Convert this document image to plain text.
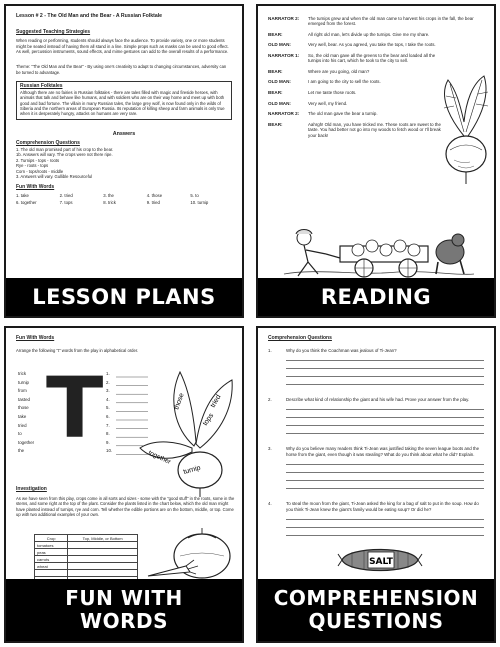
Lesson # 2 - The Old Man and the Bear - A Russian Folktale
Suggested Teaching Strategies
When reading or performing, students should always face the audience. To provide variety, one or more students might be seated instead of having them all stand in a line. Simple props such as masks can be used to good effect. As well, percussion instruments, sound effects, and mime gestures can add to the overall results of a performance.
Theme: "The Old Man and the Bear" - By using one's creativity to adapt to changing circumstances, adversity can be turned to advantage.
Russian Folktales
Although there are no fairies in Russian folktales - there are tales filled with magic and fireside heroes, with animals that talk and behave like humans, and with soldiers who are on their way home and meet up with both good and bad fortune. The villain in many Russian tales, the large grey wolf, is now found only in the wilds of Siberia and the northern areas of European Russia. Its reputation of killing sheep and farm animals is only true when it is desperately hungry, attacks on humans are very rare.
Answers
Comprehension Questions
1. The old man promised part of his crop to the bear.
1b. Answers will vary. The crops were not there ripe.
2. Turnips - tops - roots
Rye - roots - tops
Corn - tops/roots - middle
3. Answers will vary. Gullible Resourceful
Fun With Words
1. take	2. tried	3. the	4. those	5. to
6. together	7. tops	8. trick	9. tried	10. turnip
LESSON PLANS
NARRATOR 2:	The turnips grew and when the old man came to harvest his crops in the fall, the bear emerged from the forest.
BEAR:	All right old man, let's divide up the turnips. Give me my share.
OLD MAN:	Very well, bear. As you agreed, you take the tops, I take the roots.
NARRATOR 1:	So, the old man gave all the greens to the bear and loaded all the turnips into his cart, which he took to the city to sell.
BEAR:	Where are you going, old man?
OLD MAN:	I am going to the city to sell the roots.
BEAR:	Let me taste those roots.
OLD MAN:	Very well, my friend.
NARRATOR 2:	The old man gave the bear a turnip.
BEAR:	Aahrgh! Old man, you have tricked me. These roots are sweet to the taste. You had better not go into my woods to fetch wood or I'll break your back!
READING
Fun With Words
Arrange the following "t" words from the play in alphabetical order.
trick
turnip
from
tasted
those
take
tried
to
together
the T 1.
2.
3.
4.
5.
6.
7.
8.
9.
10.
those
tops
tried
turnip
together
Investigation
As we have seen from this play, crops come in all sorts and sizes - some with the "good stuff" in the roots, some in the stems, and some right at the top of the plant. Consider the plants listed in the chart below, which the old man might have planted instead of turnips, rye and corn. Tell whether the edible portions are on the bottom, middle, or top. Come up with two additional examples of your own.
Crop	Top, Middle, or Bottom
tomatoes	
peas	
carrots	
wheat	

FUN WITH
WORDS
Comprehension Questions
1.	Why do you think the Coachman was jealous of Ti-Jean?
2.	Describe what kind of relationship the giant and his wife had. Prove your answer from the play.
3.	Why do you believe many readers think Ti-Jean was justified taking the seven league boots and the horse from the giant, even though it was stealing? What do you think about what he did? Explain.
4.	To steal the moon from the giant, Ti-Jean asked the king for a bag of salt to put in the soup. How do you think Ti-Jean knew the giant's family would be eating soup? Or did he?
SALT
COMPREHENSION
QUESTIONS
